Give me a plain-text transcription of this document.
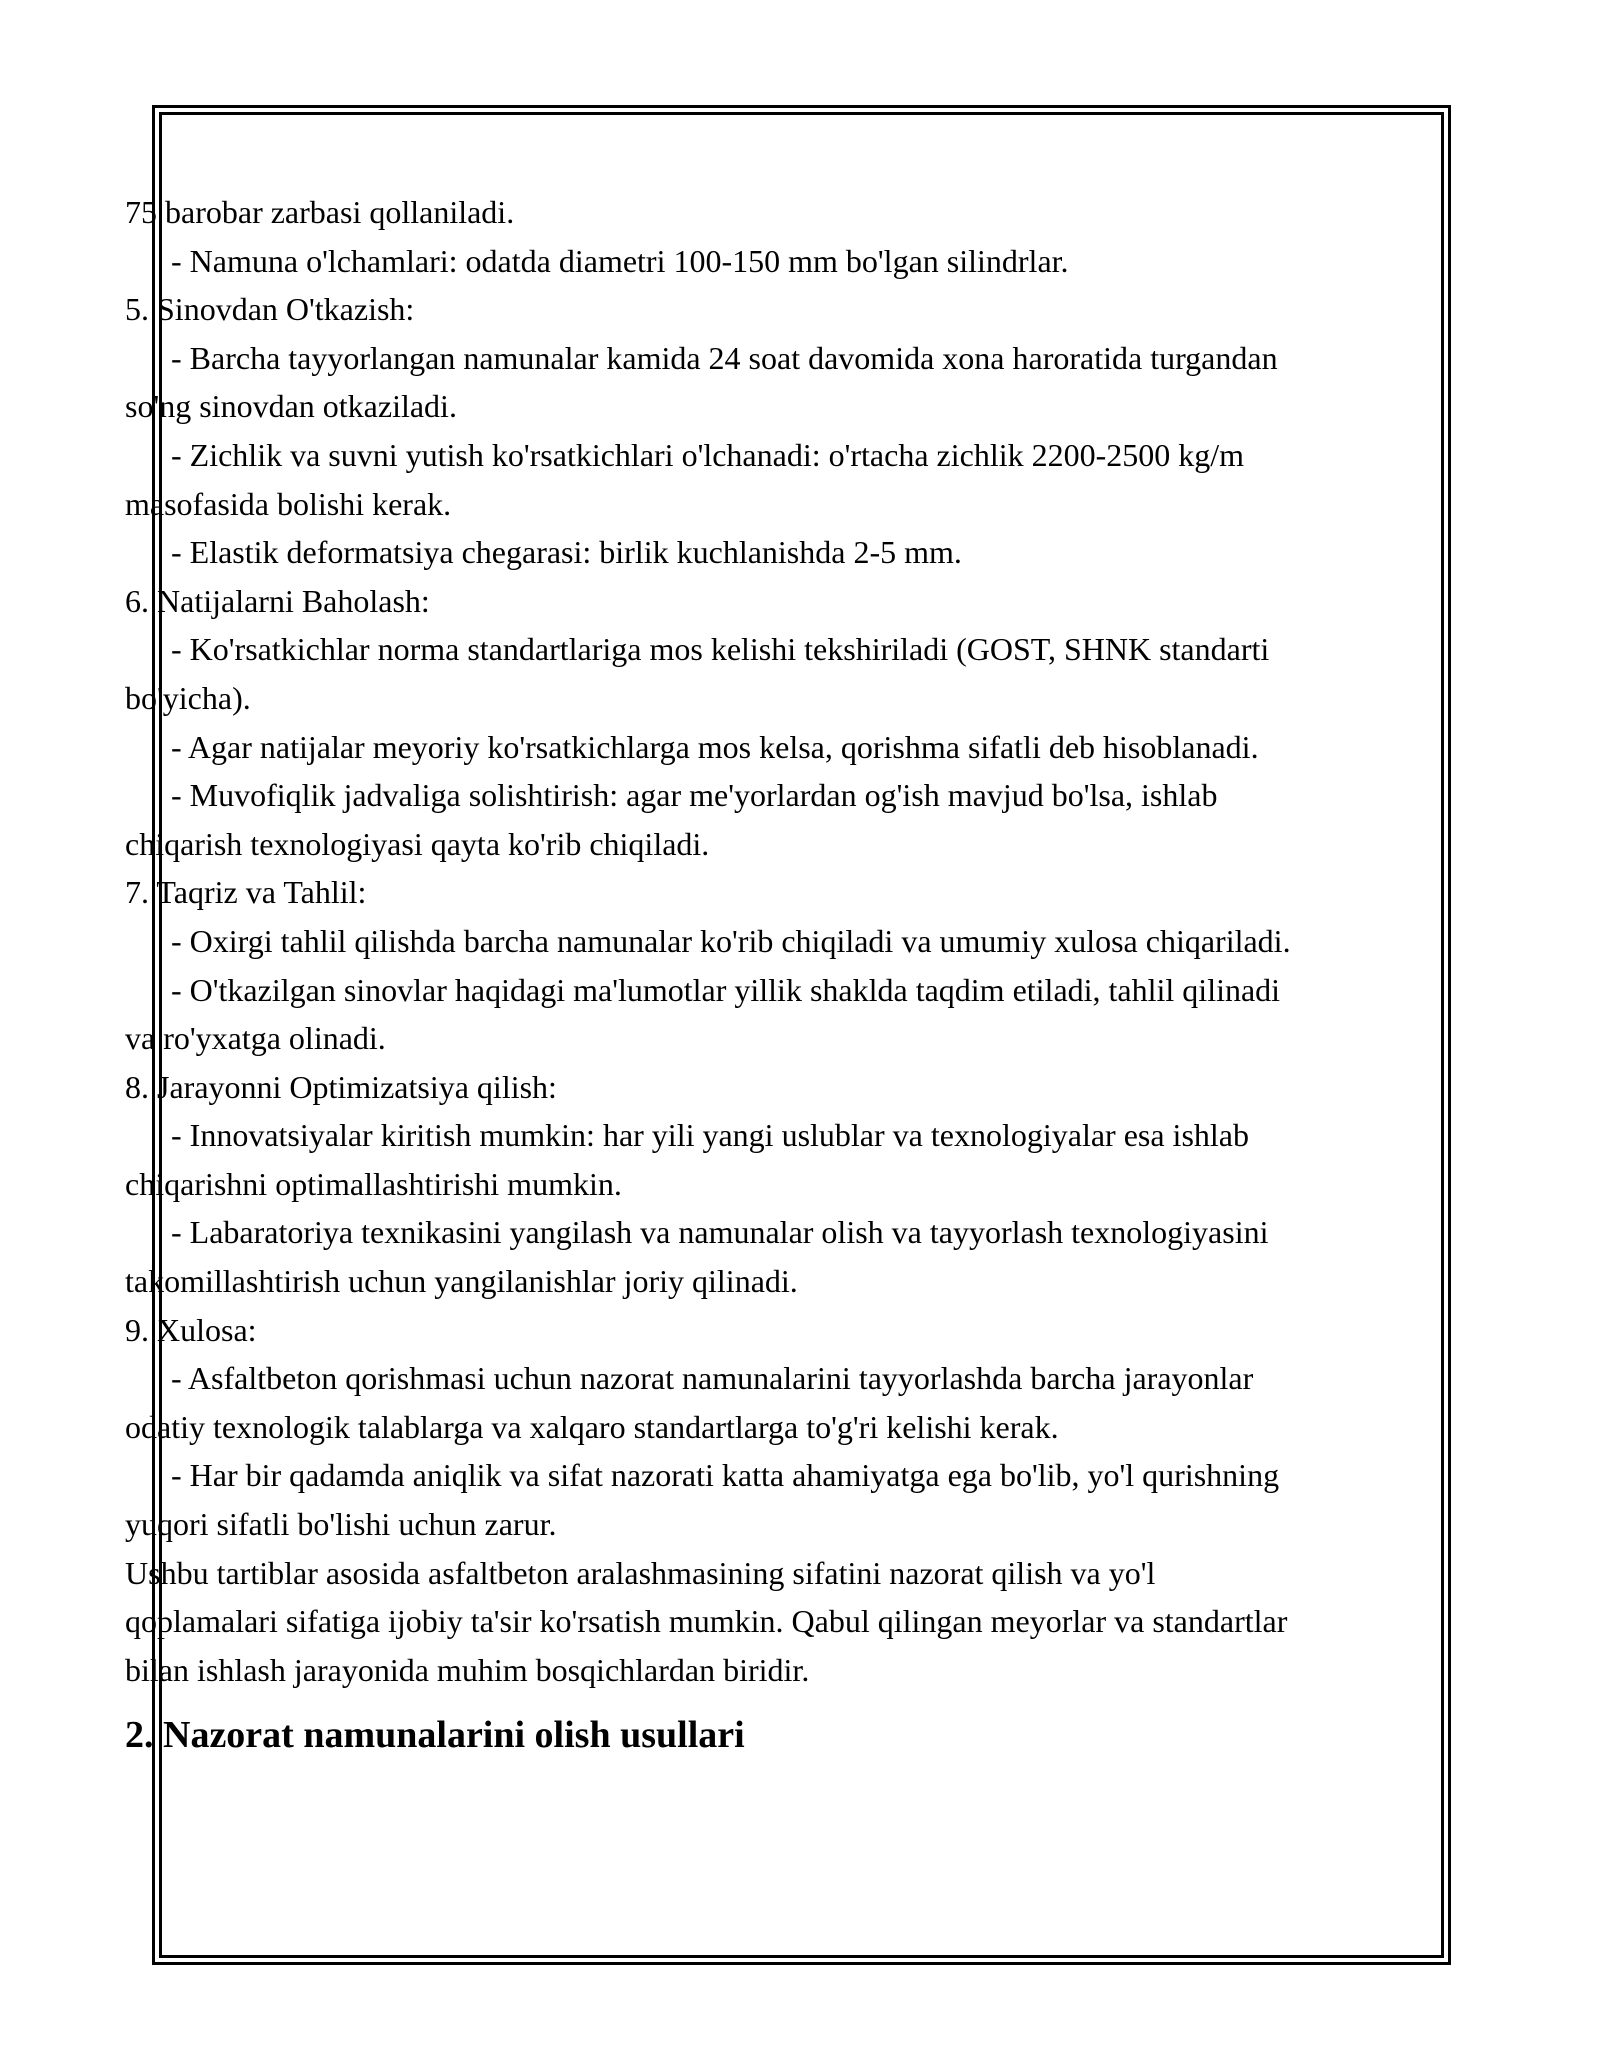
75 barobar zarbasi qollaniladi.
- Namuna o'lchamlari: odatda diametri 100-150 mm bo'lgan silindrlar.
5. Sinovdan O'tkazish:
- Barcha tayyorlangan namunalar kamida 24 soat davomida xona haroratida turgandan
so'ng sinovdan otkaziladi.
- Zichlik va suvni yutish ko'rsatkichlari o'lchanadi: o'rtacha zichlik 2200-2500 kg/m
masofasida bolishi kerak.
- Elastik deformatsiya chegarasi: birlik kuchlanishda 2-5 mm.
6. Natijalarni Baholash:
- Ko'rsatkichlar norma standartlariga mos kelishi tekshiriladi (GOST, SHNK standarti
bo'yicha).
- Agar natijalar meyoriy ko'rsatkichlarga mos kelsa, qorishma sifatli deb hisoblanadi.
- Muvofiqlik jadvaliga solishtirish: agar me'yorlardan og'ish mavjud bo'lsa, ishlab
chiqarish texnologiyasi qayta ko'rib chiqiladi.
7. Taqriz va Tahlil:
- Oxirgi tahlil qilishda barcha namunalar ko'rib chiqiladi va umumiy xulosa chiqariladi.
- O'tkazilgan sinovlar haqidagi ma'lumotlar yillik shaklda taqdim etiladi, tahlil qilinadi
va ro'yxatga olinadi.
8. Jarayonni Optimizatsiya qilish:
- Innovatsiyalar kiritish mumkin: har yili yangi uslublar va texnologiyalar esa ishlab
chiqarishni optimallashtirishi mumkin.
- Labaratoriya texnikasini yangilash va namunalar olish va tayyorlash texnologiyasini
takomillashtirish uchun yangilanishlar joriy qilinadi.
9. Xulosa:
- Asfaltbeton qorishmasi uchun nazorat namunalarini tayyorlashda barcha jarayonlar
odatiy texnologik talablarga va xalqaro standartlarga to'g'ri kelishi kerak.
- Har bir qadamda aniqlik va sifat nazorati katta ahamiyatga ega bo'lib, yo'l qurishning
yuqori sifatli bo'lishi uchun zarur.
Ushbu tartiblar asosida asfaltbeton aralashmasining sifatini nazorat qilish va yo'l
qoplamalari sifatiga ijobiy ta'sir ko'rsatish mumkin. Qabul qilingan meyorlar va standartlar
bilan ishlash jarayonida muhim bosqichlardan biridir.
2. Nazorat namunalarini olish usullari
